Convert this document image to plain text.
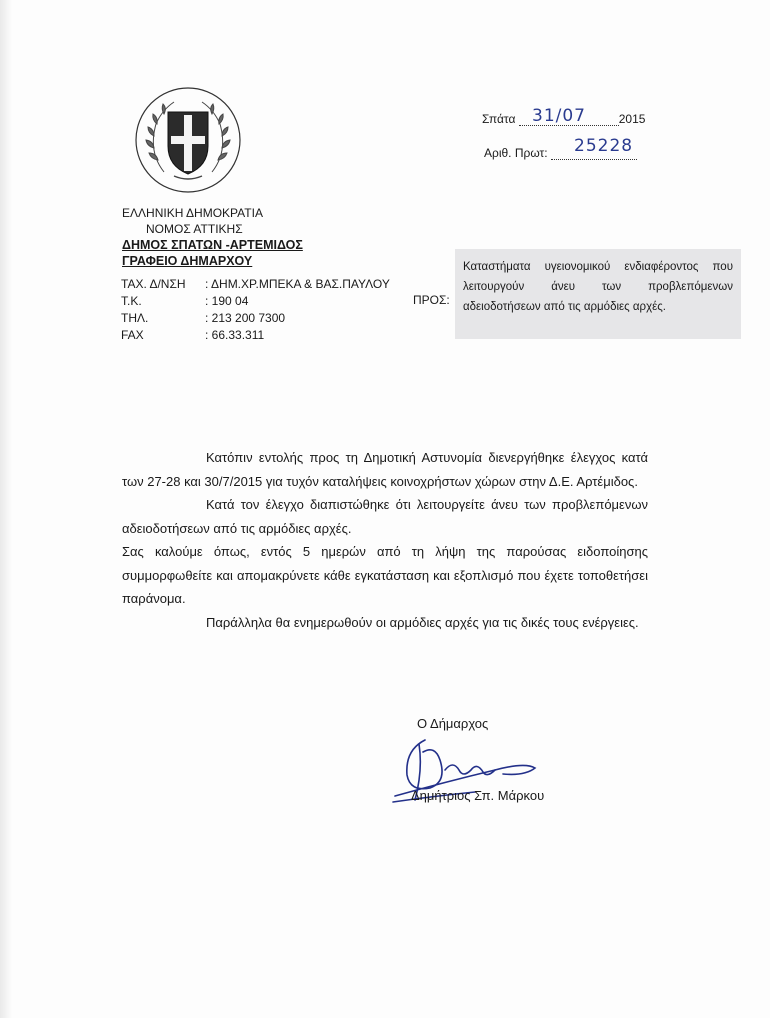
ΕΛΛΗΝΙΚΗ ΔΗΜΟΚΡΑΤΙΑ
ΝΟΜΟΣ ΑΤΤΙΚΗΣ
ΔΗΜΟΣ ΣΠΑΤΩΝ -ΑΡΤΕΜΙΔΟΣ
ΓΡΑΦΕΙΟ ΔΗΜΑΡΧΟΥ
ΤΑΧ. Δ/ΝΣΗ	: ΔΗΜ.ΧΡ.ΜΠΕΚΑ & ΒΑΣ.ΠΑΥΛΟΥ
Τ.Κ.	: 190 04
ΤΗΛ.	: 213 200 7300
FAX	: 66.33.311
Σπάτα	2015
31/07
Αριθ. Πρωτ: 25228
ΠΡΟΣ:
Καταστήματα υγειονομικού ενδιαφέροντος που λειτουργούν άνευ των προβλεπόμενων αδειοδοτήσεων από τις αρμόδιες αρχές.

Κατόπιν εντολής προς τη Δημοτική Αστυνομία διενεργήθηκε έλεγχος κατά των 27-28 και 30/7/2015 για τυχόν καταλήψεις κοινοχρήστων χώρων στην Δ.Ε. Αρτέμιδος.

Κατά τον έλεγχο διαπιστώθηκε ότι λειτουργείτε άνευ των προβλεπόμενων αδειοδοτήσεων από τις αρμόδιες αρχές.

Σας καλούμε όπως, εντός 5 ημερών από τη λήψη της παρούσας ειδοποίησης συμμορφωθείτε και απομακρύνετε κάθε εγκατάσταση και εξοπλισμό που έχετε τοποθετήσει παράνομα.

Παράλληλα θα ενημερωθούν οι αρμόδιες αρχές για τις δικές τους ενέργειες.

Ο Δήμαρχος
Δημήτριος Σπ. Μάρκου
